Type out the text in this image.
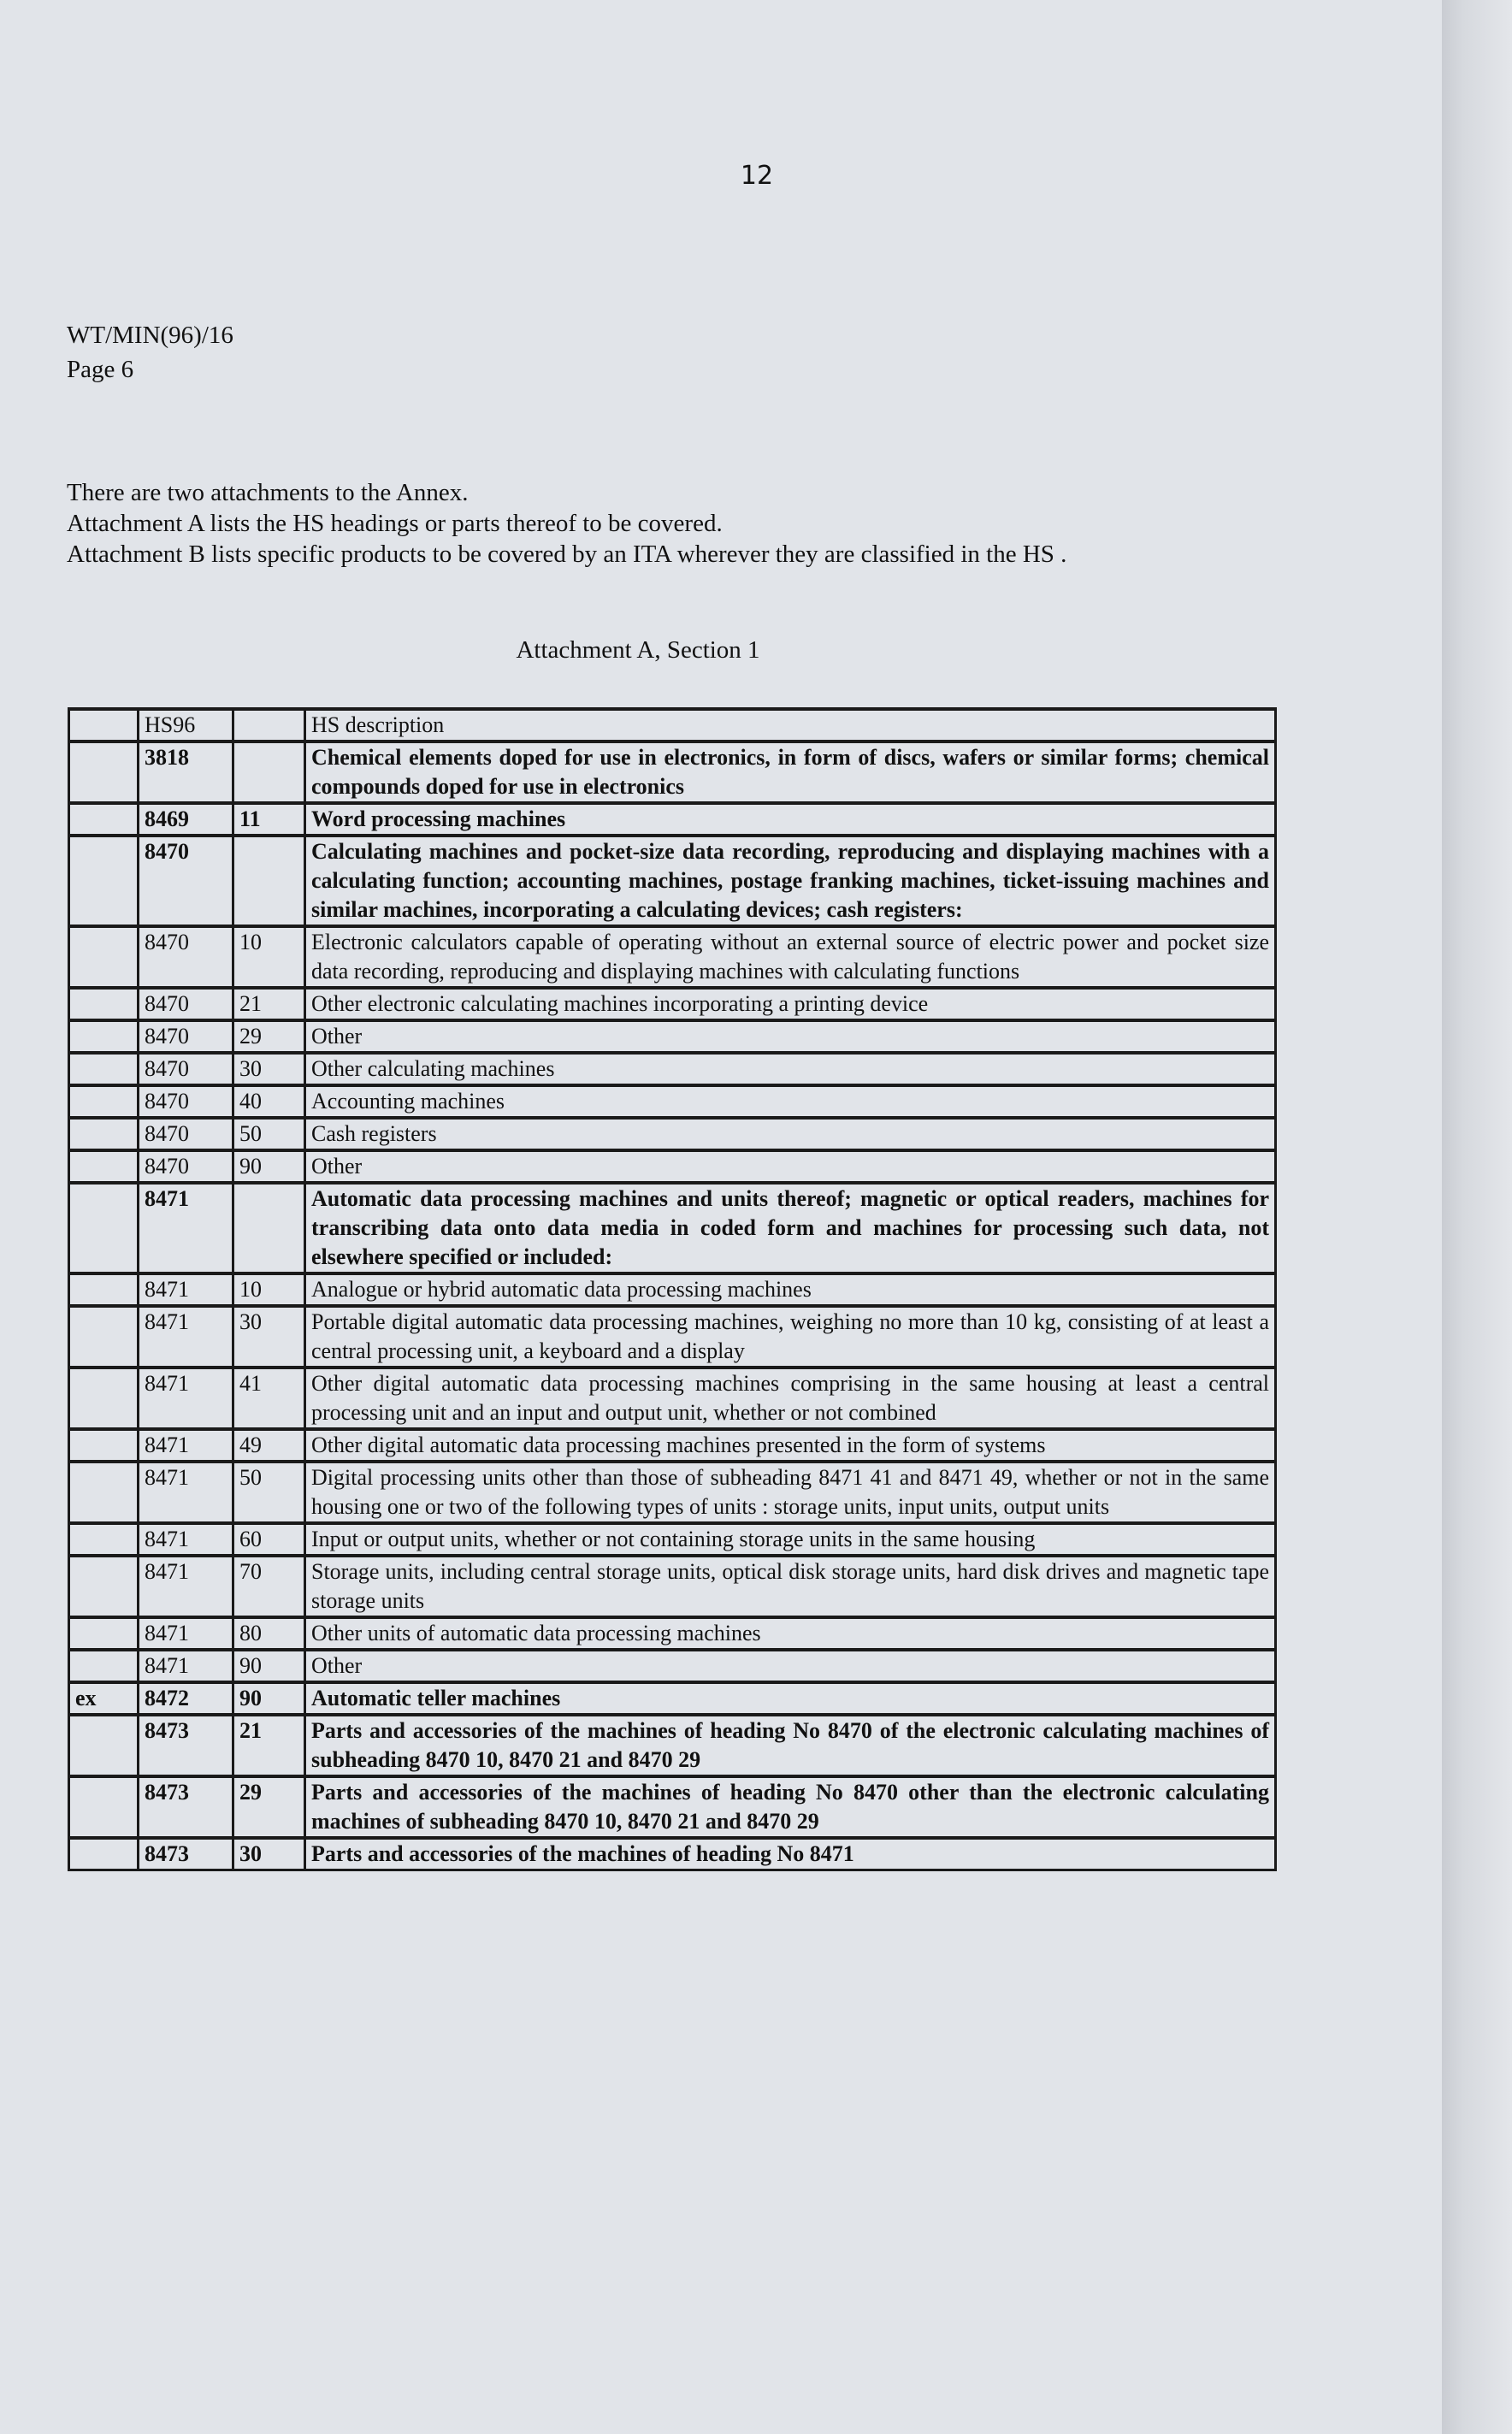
12
WT/MIN(96)/16
Page 6

There are two attachments to the Annex.

Attachment A lists the HS headings or parts thereof to be covered.

Attachment B lists specific products to be covered by an ITA wherever they are classified in the HS .

Attachment A, Section 1
	HS96		HS description
	3818		Chemical elements doped for use in electronics, in form of discs, wafers or similar forms; chemical compounds doped for use in electronics
	8469	11	Word processing machines
	8470		Calculating machines and pocket-size data recording, reproducing and displaying machines with a calculating function; accounting machines, postage franking machines, ticket-issuing machines and similar machines, incorporating a calculating devices; cash registers:
	8470	10	Electronic calculators capable of operating without an external source of electric power and pocket size data recording, reproducing and displaying machines with calculating functions
	8470	21	Other electronic calculating machines incorporating a printing device
	8470	29	Other
	8470	30	Other calculating machines
	8470	40	Accounting machines
	8470	50	Cash registers
	8470	90	Other
	8471		Automatic data processing machines and units thereof; magnetic or optical readers, machines for transcribing data onto data media in coded form and machines for processing such data, not elsewhere specified or included:
	8471	10	Analogue or hybrid automatic data processing machines
	8471	30	Portable digital automatic data processing machines, weighing no more than 10 kg, consisting of at least a central processing unit, a keyboard and a display
	8471	41	Other digital automatic data processing machines comprising in the same housing at least a central processing unit and an input and output unit, whether or not combined
	8471	49	Other digital automatic data processing machines presented in the form of systems
	8471	50	Digital processing units other than those of subheading 8471 41 and 8471 49, whether or not in the same housing one or two of the following types of units : storage units, input units, output units
	8471	60	Input or output units, whether or not containing storage units in the same housing
	8471	70	Storage units, including central storage units, optical disk storage units, hard disk drives and magnetic tape storage units
	8471	80	Other units of automatic data processing machines
	8471	90	Other
ex	8472	90	Automatic teller machines
	8473	21	Parts and accessories of the machines of heading No 8470 of the electronic calculating machines of subheading 8470 10, 8470 21 and 8470 29
	8473	29	Parts and accessories of the machines of heading No 8470 other than the electronic calculating machines of subheading 8470 10, 8470 21 and 8470 29
	8473	30	Parts and accessories of the machines of heading No 8471
